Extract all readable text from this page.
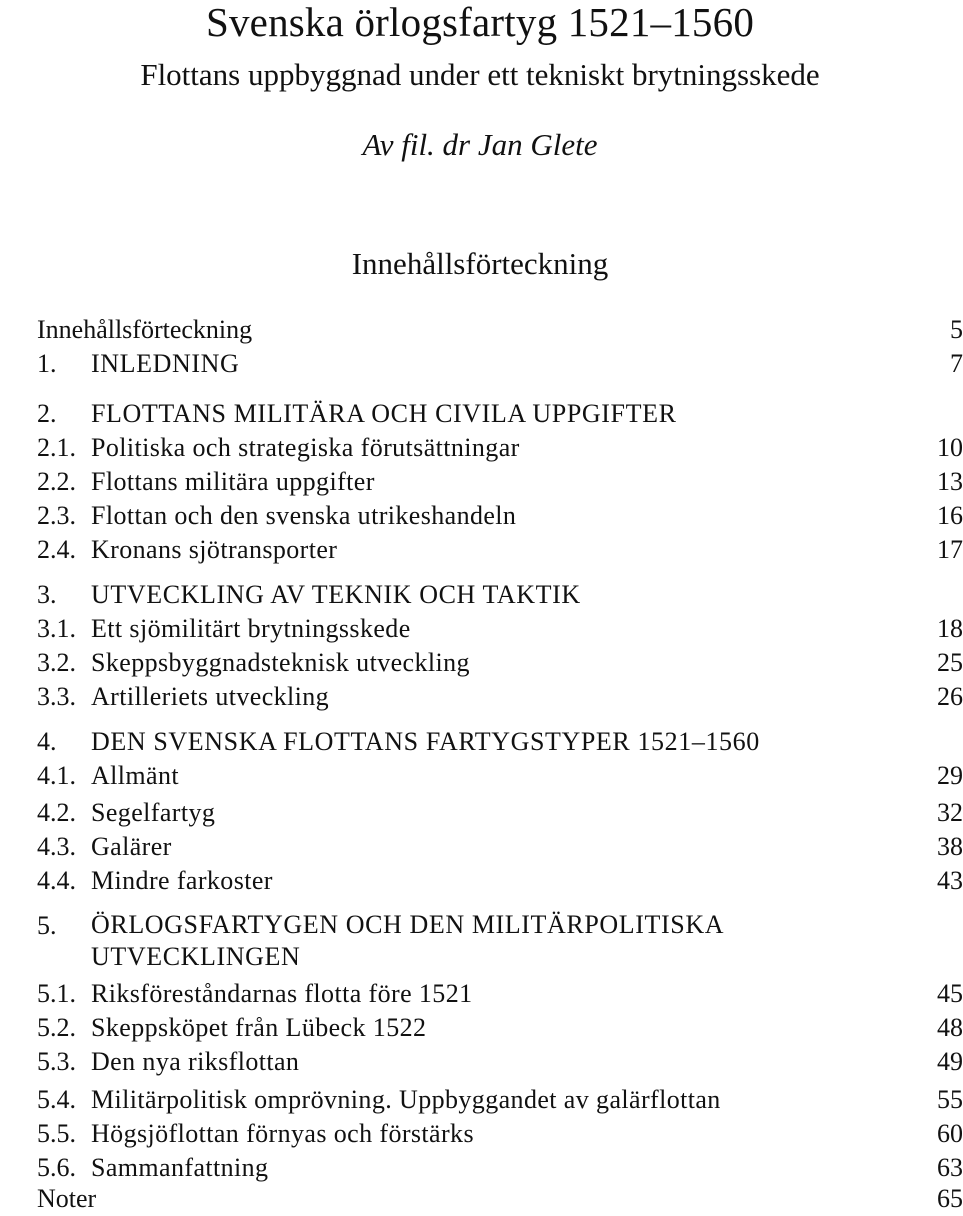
Svenska örlogsfartyg 1521–1560
Flottans uppbyggnad under ett tekniskt brytningsskede
Av fil. dr Jan Glete
Innehållsförteckning
Innehållsförteckning	5
1. INLEDNING	7
2. FLOTTANS MILITÄRA OCH CIVILA UPPGIFTER
2.1. Politiska och strategiska förutsättningar	10
2.2. Flottans militära uppgifter	13
2.3. Flottan och den svenska utrikeshandeln	16
2.4. Kronans sjötransporter	17
3. UTVECKLING AV TEKNIK OCH TAKTIK
3.1. Ett sjömilitärt brytningsskede	18
3.2. Skeppsbyggnadsteknisk utveckling	25
3.3. Artilleriets utveckling	26
4. DEN SVENSKA FLOTTANS FARTYGSTYPER 1521–1560
4.1. Allmänt	29
4.2. Segelfartyg	32
4.3. Galärer	38
4.4. Mindre farkoster	43
5. ÖRLOGSFARTYGEN OCH DEN MILITÄRPOLITISKA UTVECKLINGEN
5.1. Riksföreståndarnas flotta före 1521	45
5.2. Skeppsköpet från Lübeck 1522	48
5.3. Den nya riksflottan	49
5.4. Militärpolitisk omprövning. Uppbyggandet av galärflottan	55
5.5. Högsjöflottan förnyas och förstärks	60
5.6. Sammanfattning	63
Noter	65
